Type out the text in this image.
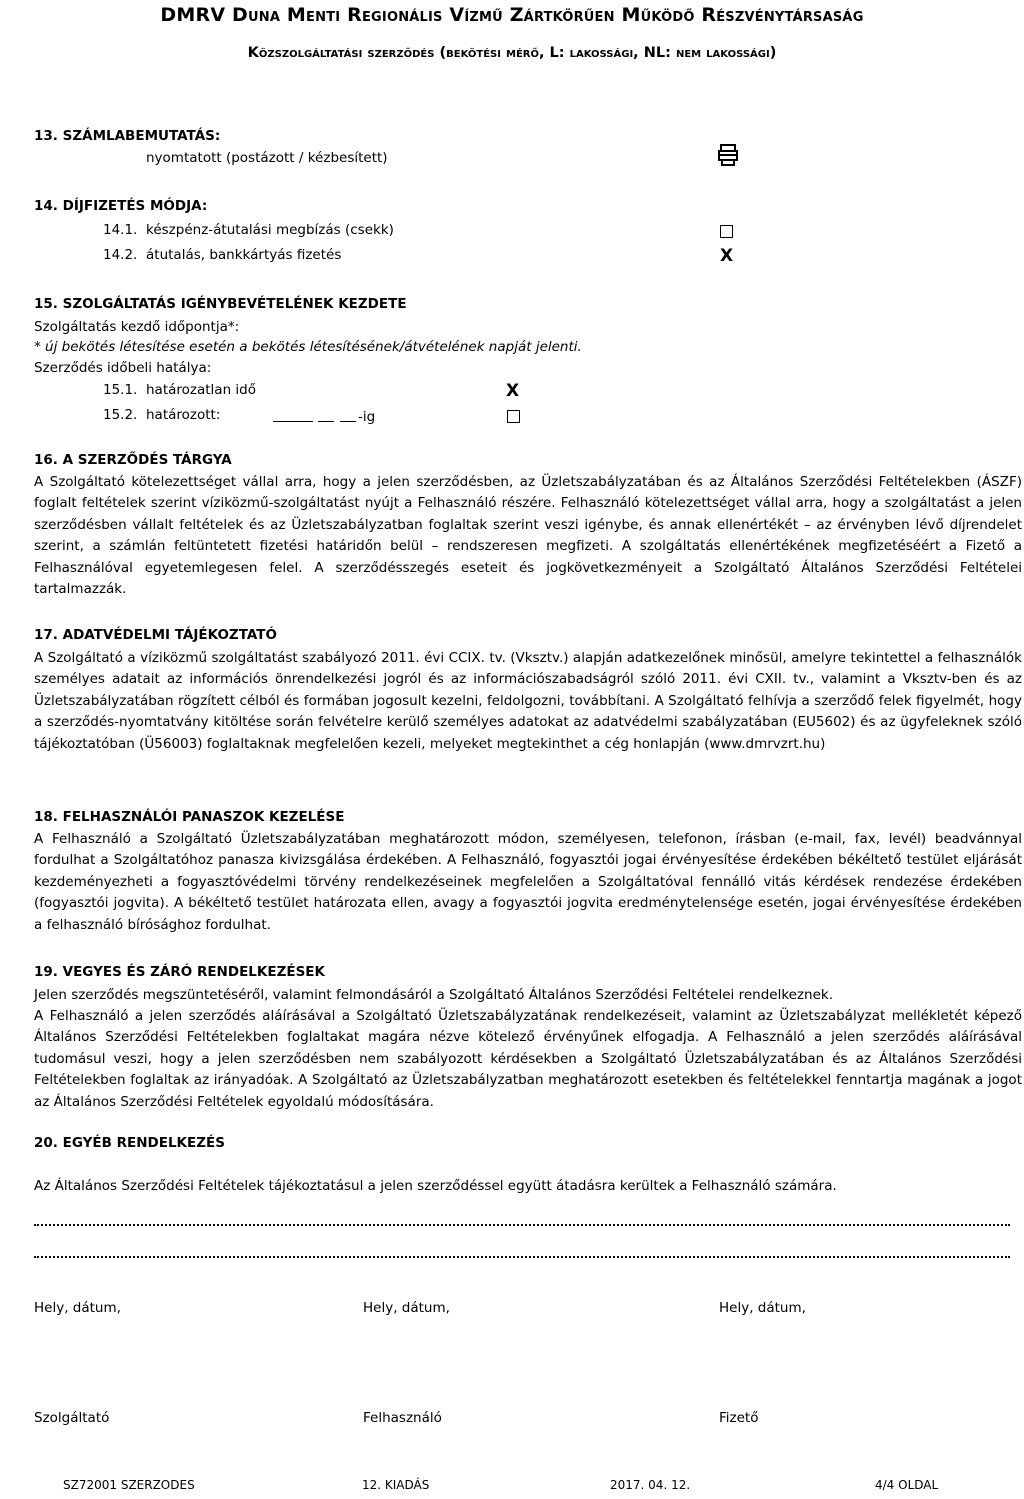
DMRV Duna Menti Regionális Vízmű Zártkörűen Működő Részvénytársaság
Közszolgáltatási szerződés (bekötési mérő, L: lakossági, NL: nem lakossági)
13. SZÁMLABEMUTATÁS:
nyomtatott (postázott / kézbesített)
14. DÍJFIZETÉS MÓDJA:
14.1. készpénz-átutalási megbízás (csekk)
14.2. átutalás, bankkártyás fizetés	X
15. SZOLGÁLTATÁS IGÉNYBEVÉTELÉNEK KEZDETE
Szolgáltatás kezdő időpontja*:
* új bekötés létesítése esetén a bekötés létesítésének/átvételének napját jelenti.
Szerződés időbeli hatálya:
15.1. határozatlan idő	X
15.2. határozott:	-ig
16. A SZERZŐDÉS TÁRGYA
A Szolgáltató kötelezettséget vállal arra, hogy a jelen szerződésben, az Üzletszabályzatában és az Általános Szerződési Feltételekben (ÁSZF) foglalt feltételek szerint víziközmű-szolgáltatást nyújt a Felhasználó részére. Felhasználó kötelezettséget vállal arra, hogy a szolgáltatást a jelen szerződésben vállalt feltételek és az Üzletszabályzatban foglaltak szerint veszi igénybe, és annak ellenértékét – az érvényben lévő díjrendelet szerint, a számlán feltüntetett fizetési határidőn belül – rendszeresen megfizeti. A szolgáltatás ellenértékének megfizetéséért a Fizető a Felhasználóval egyetemlegesen felel. A szerződésszegés eseteit és jogkövetkezményeit a Szolgáltató Általános Szerződési Feltételei tartalmazzák.
17. ADATVÉDELMI TÁJÉKOZTATÓ
A Szolgáltató a víziközmű szolgáltatást szabályozó 2011. évi CCIX. tv. (Vksztv.) alapján adatkezelőnek minősül, amelyre tekintettel a felhasználók személyes adatait az információs önrendelkezési jogról és az információszabadságról szóló 2011. évi CXII. tv., valamint a Vksztv-ben és az Üzletszabályzatában rögzített célból és formában jogosult kezelni, feldolgozni, továbbítani. A Szolgáltató felhívja a szerződő felek figyelmét, hogy a szerződés-nyomtatvány kitöltése során felvételre kerülő személyes adatokat az adatvédelmi szabályzatában (EU5602) és az ügyfeleknek szóló tájékoztatóban (Ü56003) foglaltaknak megfelelően kezeli, melyeket megtekinthet a cég honlapján (www.dmrvzrt.hu)
18. FELHASZNÁLÓI PANASZOK KEZELÉSE
A Felhasználó a Szolgáltató Üzletszabályzatában meghatározott módon, személyesen, telefonon, írásban (e-mail, fax, levél) beadvánnyal fordulhat a Szolgáltatóhoz panasza kivizsgálása érdekében. A Felhasználó, fogyasztói jogai érvényesítése érdekében békéltető testület eljárását kezdeményezheti a fogyasztóvédelmi törvény rendelkezéseinek megfelelően a Szolgáltatóval fennálló vitás kérdések rendezése érdekében (fogyasztói jogvita). A békéltető testület határozata ellen, avagy a fogyasztói jogvita eredménytelensége esetén, jogai érvényesítése érdekében a felhasználó bírósághoz fordulhat.
19. VEGYES ÉS ZÁRÓ RENDELKEZÉSEK
Jelen szerződés megszüntetéséről, valamint felmondásáról a Szolgáltató Általános Szerződési Feltételei rendelkeznek.
A Felhasználó a jelen szerződés aláírásával a Szolgáltató Üzletszabályzatának rendelkezéseit, valamint az Üzletszabályzat mellékletét képező Általános Szerződési Feltételekben foglaltakat magára nézve kötelező érvényűnek elfogadja. A Felhasználó a jelen szerződés aláírásával tudomásul veszi, hogy a jelen szerződésben nem szabályozott kérdésekben a Szolgáltató Üzletszabályzatában és az Általános Szerződési Feltételekben foglaltak az irányadóak. A Szolgáltató az Üzletszabályzatban meghatározott esetekben és feltételekkel fenntartja magának a jogot az Általános Szerződési Feltételek egyoldalú módosítására.
20. EGYÉB RENDELKEZÉS
Az Általános Szerződési Feltételek tájékoztatásul a jelen szerződéssel együtt átadásra kerültek a Felhasználó számára.
Hely, dátum,	Hely, dátum,	Hely, dátum,
Szolgáltató	Felhasználó	Fizető
SZ72001 SZERZODES	12. KIADÁS	2017. 04. 12.	4/4 OLDAL
